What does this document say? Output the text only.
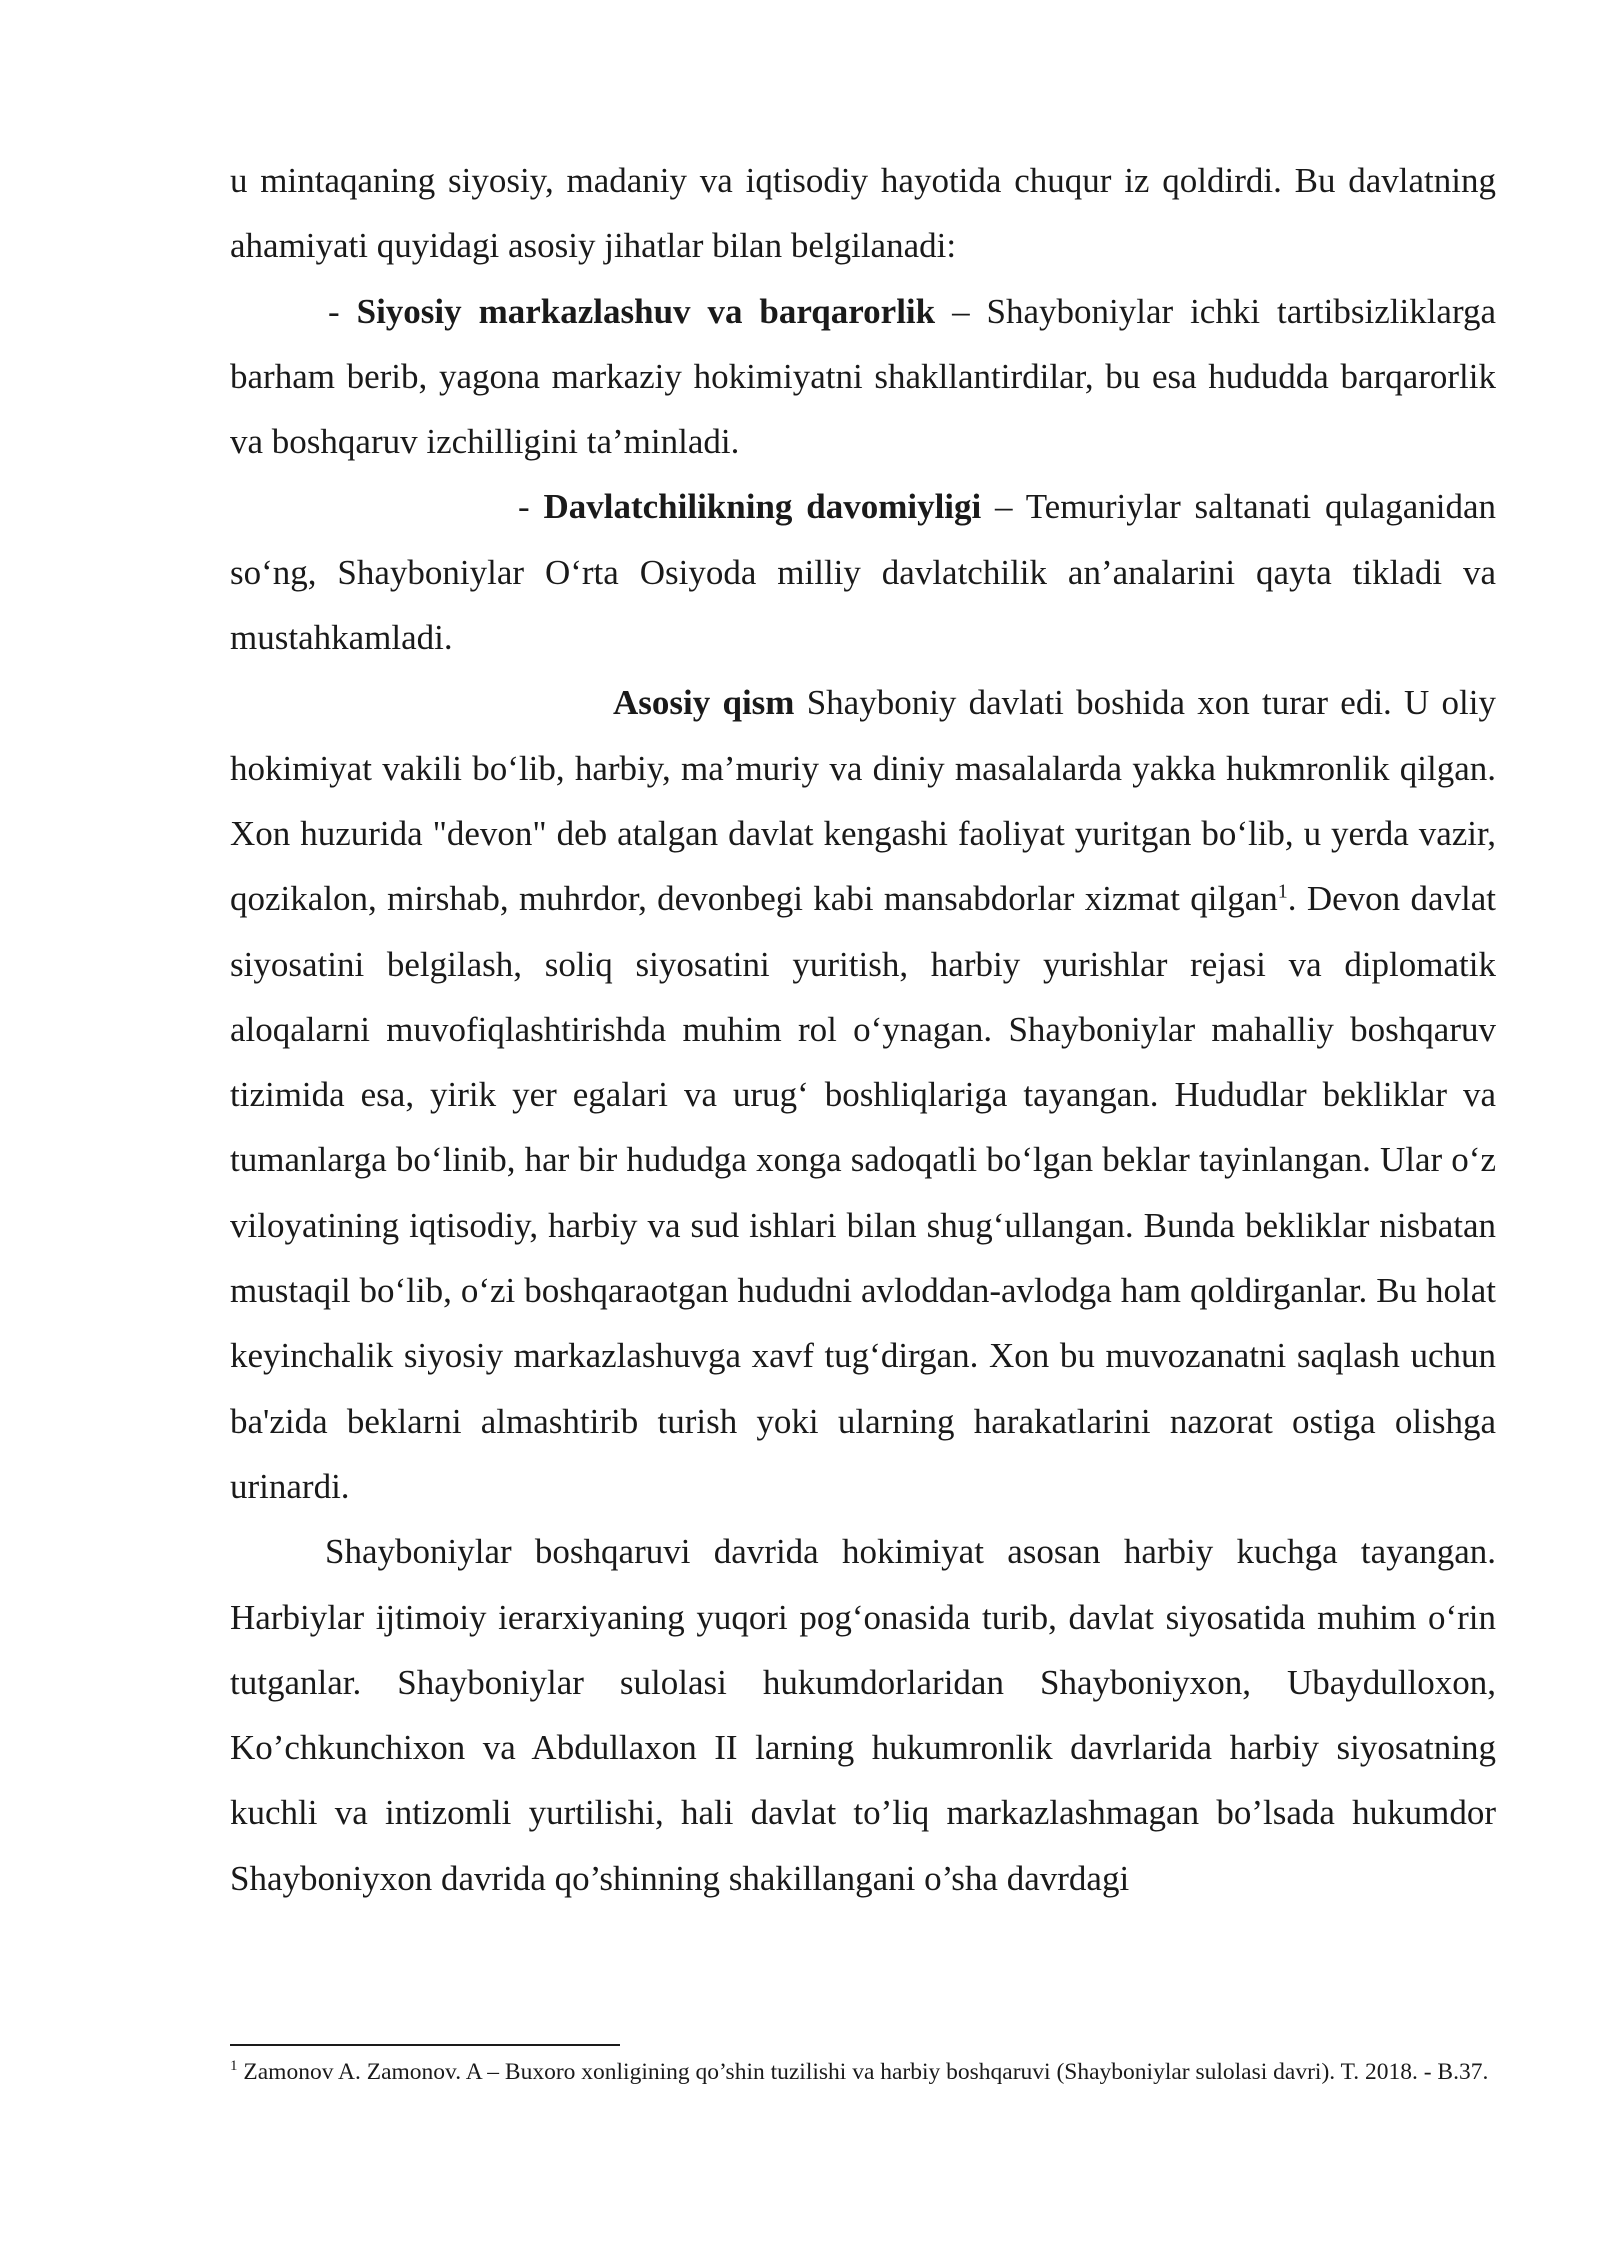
u mintaqaning siyosiy, madaniy va iqtisodiy hayotida chuqur iz qoldirdi. Bu davlatning ahamiyati quyidagi asosiy jihatlar bilan belgilanadi:

- Siyosiy markazlashuv va barqarorlik – Shayboniylar ichki tartibsizliklarga barham berib, yagona markaziy hokimiyatni shakllantirdilar, bu esa hududda barqarorlik va boshqaruv izchilligini ta’minladi.

- Davlatchilikning davomiyligi – Temuriylar saltanati qulaganidan so‘ng, Shayboniylar O‘rta Osiyoda milliy davlatchilik an’analarini qayta tikladi va mustahkamladi.

Asosiy qism Shayboniy davlati boshida xon turar edi. U oliy hokimiyat vakili bo‘lib, harbiy, ma’muriy va diniy masalalarda yakka hukmronlik qilgan. Xon huzurida "devon" deb atalgan davlat kengashi faoliyat yuritgan bo‘lib, u yerda vazir, qozikalon, mirshab, muhrdor, devonbegi kabi mansabdorlar xizmat qilgan$^1$. Devon davlat siyosatini belgilash, soliq siyosatini yuritish, harbiy yurishlar rejasi va diplomatik aloqalarni muvofiqlashtirishda muhim rol o‘ynagan. Shayboniylar mahalliy boshqaruv tizimida esa, yirik yer egalari va urug‘ boshliqlariga tayangan. Hududlar bekliklar va tumanlarga bo‘linib, har bir hududga xonga sadoqatli bo‘lgan beklar tayinlangan. Ular o‘z viloyatining iqtisodiy, harbiy va sud ishlari bilan shug‘ullangan. Bunda bekliklar nisbatan mustaqil bo‘lib, o‘zi boshqaraotgan hududni avloddan-avlodga ham qoldirganlar. Bu holat keyinchalik siyosiy markazlashuvga xavf tug‘dirgan. Xon bu muvozanatni saqlash uchun ba'zida beklarni almashtirib turish yoki ularning harakatlarini nazorat ostiga olishga urinardi.

Shayboniylar boshqaruvi davrida hokimiyat asosan harbiy kuchga tayangan. Harbiylar ijtimoiy ierarxiyaning yuqori pog‘onasida turib, davlat siyosatida muhim o‘rin tutganlar. Shayboniylar sulolasi hukumdorlaridan Shayboniyxon, Ubaydulloxon, Ko’chkunchixon va Abdullaxon II larning hukumronlik davrlarida harbiy siyosatning kuchli va intizomli yurtilishi, hali davlat to’liq markazlashmagan bo’lsada hukumdor Shayboniyxon davrida qo’shinning shakillangani o’sha davrdagi

$^1$ Zamonov A. Zamonov. A – Buxoro xonligining qo’shin tuzilishi va harbiy boshqaruvi (Shayboniylar sulolasi davri). T. 2018. - B.37.
